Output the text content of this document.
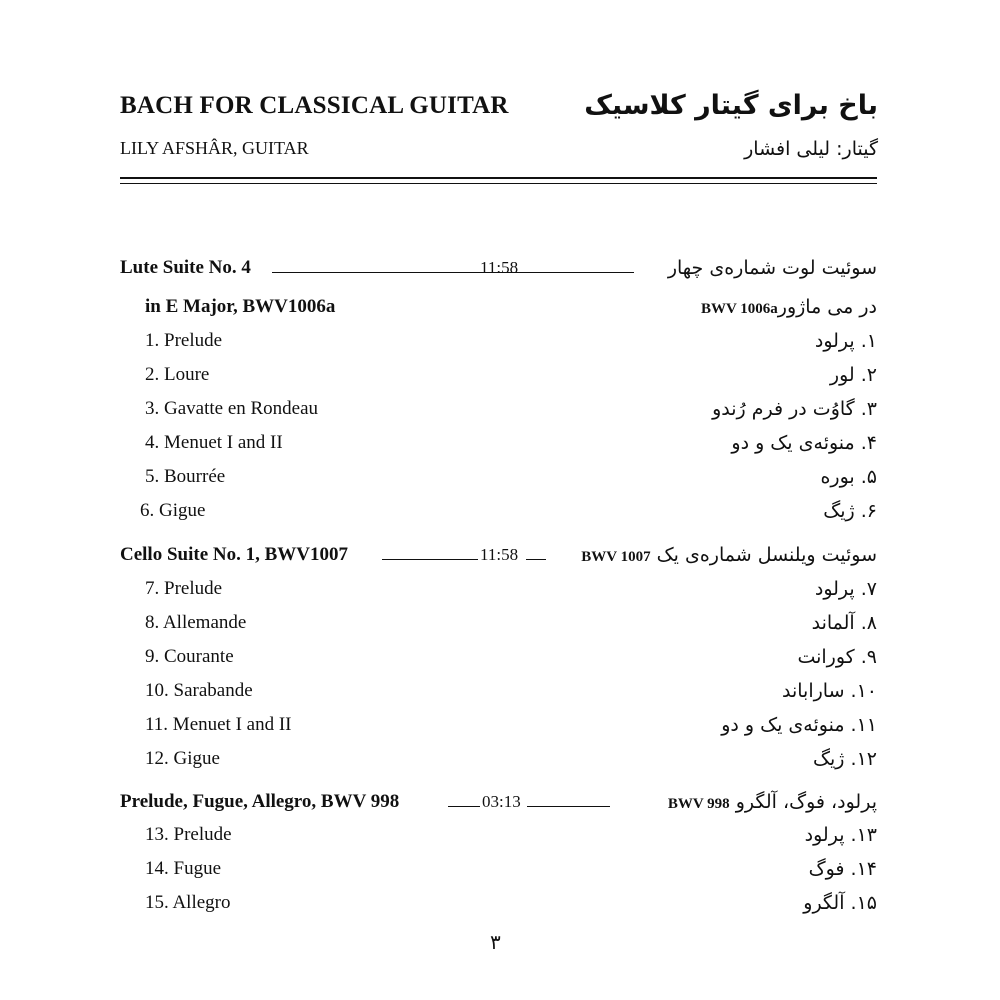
BACH FOR CLASSICAL GUITAR
LILY AFSHÂR, GUITAR
باخ برای گیتار کلاسیک
گیتار: لیلی افشار
Lute Suite No. 4	11:58	سوئیت لوت شماره‌ی چهار
in E Major, BWV1006a	در می ماژورBWV 1006a
1. Prelude	۱. پرلود
2. Loure	۲. لور
3. Gavatte en Rondeau	۳. گاوُت در فرم رُندو
4. Menuet I and II	۴. منوئه‌ی یک و دو
5. Bourrée	۵. بوره
6. Gigue	۶. ژیگ
Cello Suite No. 1, BWV1007	11:58	سوئیت ویلنسل شماره‌ی یک BWV 1007
7. Prelude	۷. پرلود
8. Allemande	۸. آلماند
9. Courante	۹. کورانت
10. Sarabande	۱۰. ساراباند
11. Menuet I and II	۱۱. منوئه‌ی یک و دو
12. Gigue	۱۲. ژیگ
Prelude, Fugue, Allegro, BWV 998	03:13	پرلود، فوگ، آلگرو BWV 998
13. Prelude	۱۳. پرلود
14. Fugue	۱۴. فوگ
15. Allegro	۱۵. آلگرو
۳
